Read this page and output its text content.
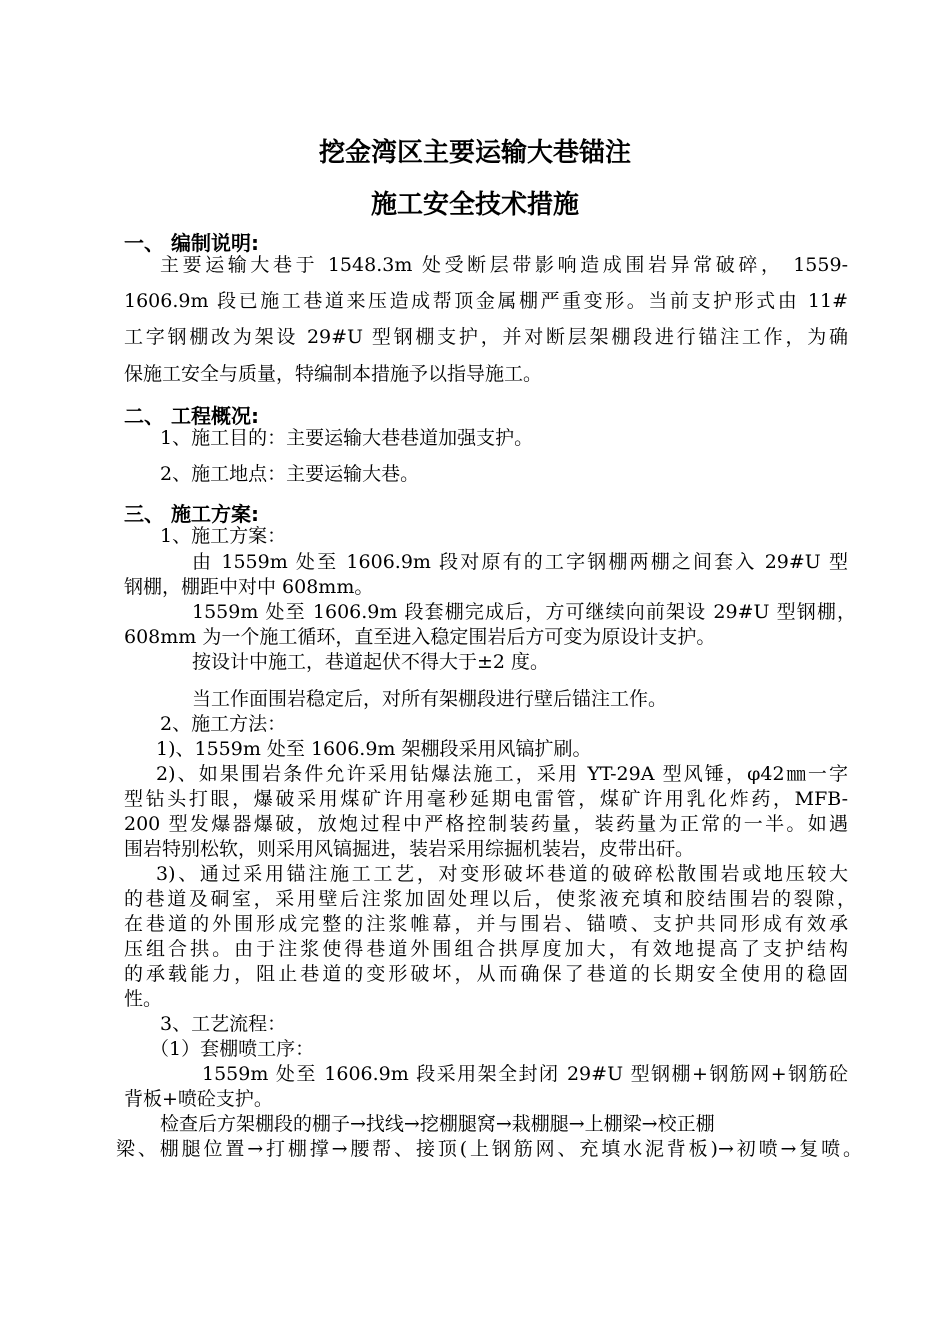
挖金湾区主要运输大巷锚注
施工安全技术措施
一、 编制说明:
主要运输大巷于 1548.3m 处受断层带影响造成围岩异常破碎， 1559-
1606.9m 段已施工巷道来压造成帮顶金属棚严重变形。当前支护形式由 11#
工字钢棚改为架设 29#U 型钢棚支护，并对断层架棚段进行锚注工作，为确
保施工安全与质量，特编制本措施予以指导施工。
二、 工程概况:
1、施工目的：主要运输大巷巷道加强支护。
2、施工地点：主要运输大巷。
三、 施工方案:
1、施工方案：
由 1559m 处至 1606.9m 段对原有的工字钢棚两棚之间套入 29#U 型
钢棚，棚距中对中 608mm。
1559m 处至 1606.9m 段套棚完成后，方可继续向前架设 29#U 型钢棚，
608mm 为一个施工循环，直至进入稳定围岩后方可变为原设计支护。
按设计中施工，巷道起伏不得大于±2 度。
当工作面围岩稳定后，对所有架棚段进行壁后锚注工作。
2、施工方法：
1)、1559m 处至 1606.9m 架棚段采用风镐扩刷。
2)、如果围岩条件允许采用钻爆法施工，采用 YT-29A 型风锤，φ42㎜一字
型钻头打眼，爆破采用煤矿许用毫秒延期电雷管，煤矿许用乳化炸药，MFB-
200 型发爆器爆破，放炮过程中严格控制装药量，装药量为正常的一半。如遇
围岩特别松软，则采用风镐掘进，装岩采用综掘机装岩，皮带出矸。
3)、通过采用锚注施工工艺，对变形破坏巷道的破碎松散围岩或地压较大
的巷道及硐室，采用壁后注浆加固处理以后，使浆液充填和胶结围岩的裂隙，
在巷道的外围形成完整的注浆帷幕，并与围岩、锚喷、支护共同形成有效承
压组合拱。由于注浆使得巷道外围组合拱厚度加大，有效地提高了支护结构
的承载能力，阻止巷道的变形破坏，从而确保了巷道的长期安全使用的稳固
性。
3、工艺流程：
（1）套棚喷工序：
1559m 处至 1606.9m 段采用架全封闭 29#U 型钢棚+钢筋网+钢筋砼
背板+喷砼支护。
检查后方架棚段的棚子→找线→挖棚腿窝→栽棚腿→上棚梁→校正棚
梁、棚腿位置→打棚撑→腰帮、接顶(上钢筋网、充填水泥背板)→初喷→复喷。
